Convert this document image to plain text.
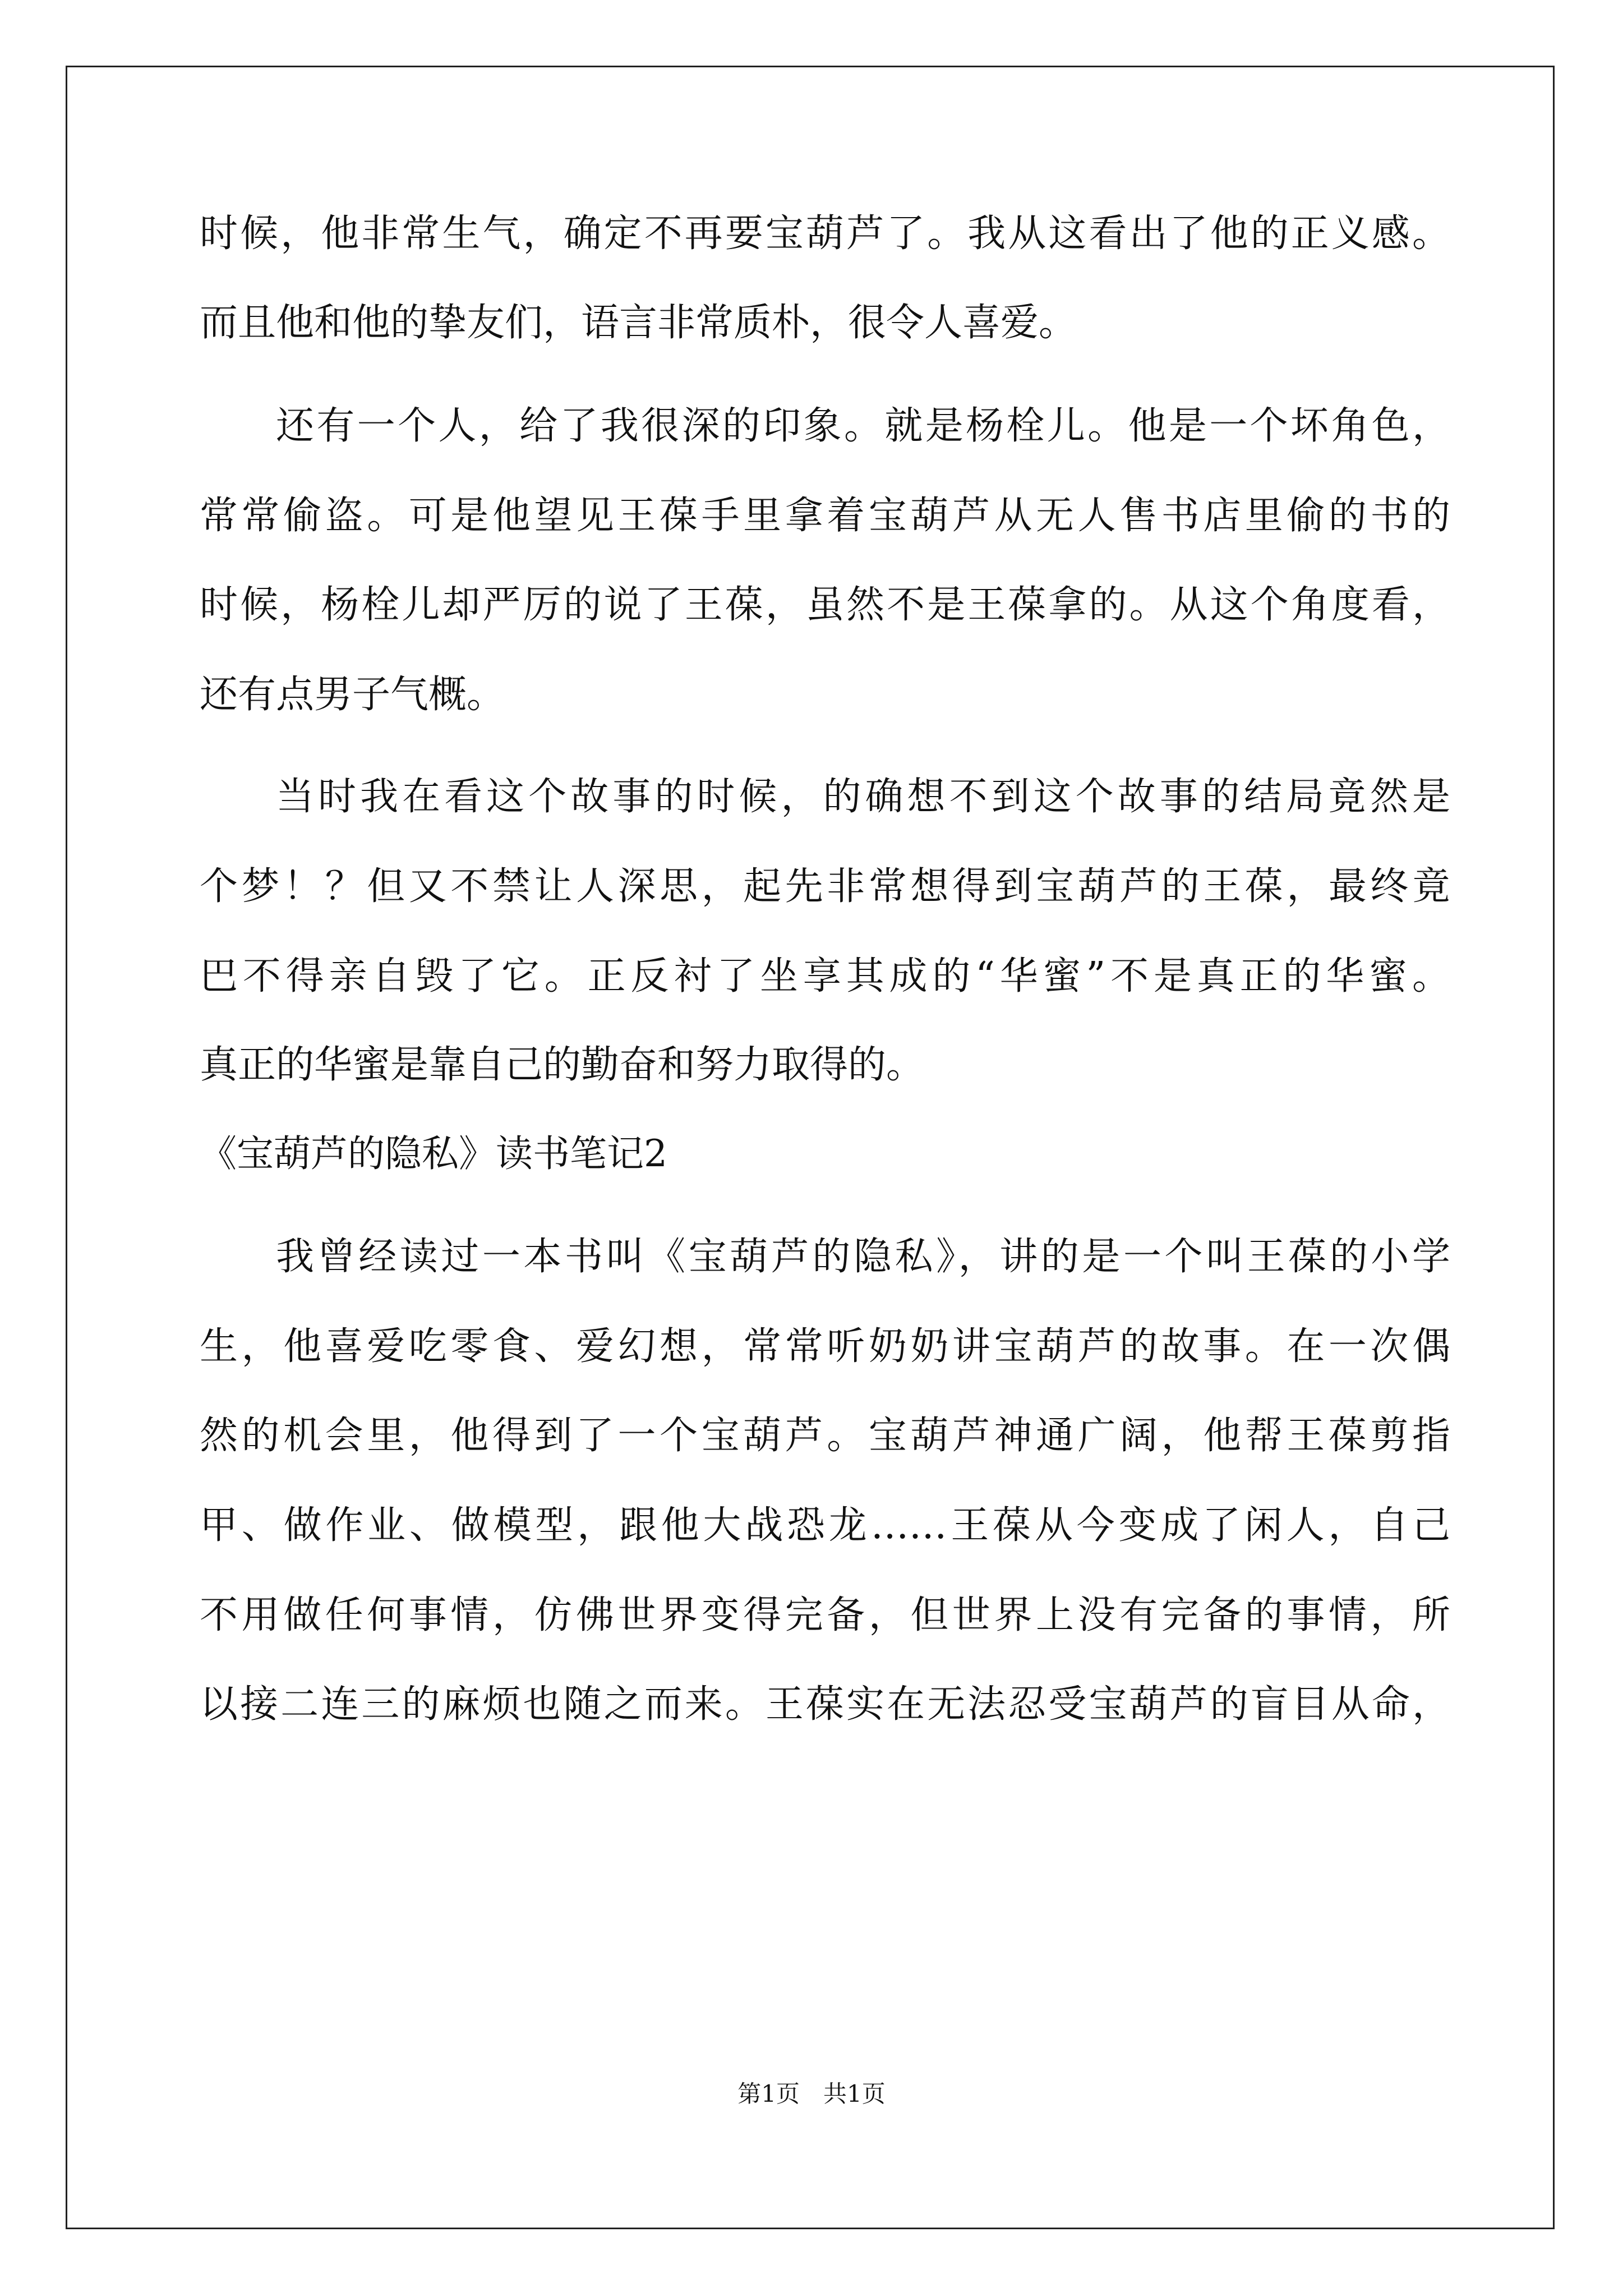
时候，他非常生气，确定不再要宝葫芦了。我从这看出了他的正义感。
而且他和他的挚友们，语言非常质朴，很令人喜爱。
还有一个人，给了我很深的印象。就是杨栓儿。他是一个坏角色，
常常偷盗。可是他望见王葆手里拿着宝葫芦从无人售书店里偷的书的
时候，杨栓儿却严厉的说了王葆，虽然不是王葆拿的。从这个角度看，
还有点男子气概。
当时我在看这个故事的时候，的确想不到这个故事的结局竟然是
个梦！？但又不禁让人深思，起先非常想得到宝葫芦的王葆，最终竟
巴不得亲自毁了它。正反衬了坐享其成的“华蜜”不是真正的华蜜。
真正的华蜜是靠自己的勤奋和努力取得的。
《宝葫芦的隐私》读书笔记2
我曾经读过一本书叫《宝葫芦的隐私》，讲的是一个叫王葆的小学
生，他喜爱吃零食、爱幻想，常常听奶奶讲宝葫芦的故事。在一次偶
然的机会里，他得到了一个宝葫芦。宝葫芦神通广阔，他帮王葆剪指
甲、做作业、做模型，跟他大战恐龙……王葆从今变成了闲人，自己
不用做任何事情，仿佛世界变得完备，但世界上没有完备的事情，所
以接二连三的麻烦也随之而来。王葆实在无法忍受宝葫芦的盲目从命，
第1页　共1页
